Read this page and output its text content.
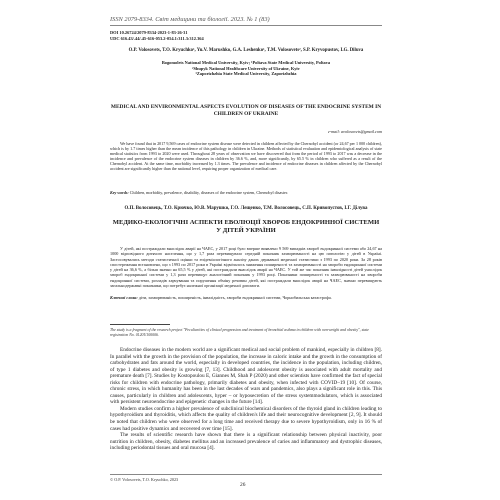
ISSN 2079-8334. Світ медицини та біології. 2023. № 1 (83)
DOI 10.26724/2079-8334-2023-1-83-26-31
UDC 616.43/.44/.45-616-053.2-054.1:311.3:312.364
O.P. Volosovets, T.O. Kryuchko¹, Yu.V. Marushko, G.A. Leshenko¹, T.M. Volosovets², S.P. Kryvopustov, I.G. Diluva
Bogomolets National Medical University, Kyiv; ¹Poltava State Medical University, Poltava
²Shupyk National Healthcare University of Ukraine, Kyiv
³Zaporizhzhia State Medical University, Zaporizhzhia
MEDICAL AND ENVIRONMENTAL ASPECTS EVOLUTION OF DISEASES OF THE ENDOCRINE SYSTEM IN CHILDREN OF UKRAINE
e-mail: avolosovets@gmail.com
We have found that in 2017 9,569 cases of endocrine system disease were detected in children affected by the Chernobyl accident (or 24,67 per 1 000 children), which is by 1.7 times higher than the mean incidence of this pathology in children in Ukraine. Methods of statistical evaluation and epidemiological analysis of state medical statistics from 1993 to 2020 were used. Throughout 28 years of observation we have discovered that from the period of 1993 to 2017 was a decrease in the incidence and prevalence of the endocrine system diseases in children by 36.6 %, and, more significantly, by 65.5 % in children who suffered as a result of the Chernobyl accident. At the same time, morbidity increased by 1.3 times. The prevalence and incidence of endocrine diseases in children affected by the Chernobyl accident are significantly higher than the national level, requiring proper organization of medical care.
Key words: Children, morbidity, prevalence, disability, diseases of the endocrine system, Chernobyl disaster.
О.П. Волосовець, Т.О. Крючко, Ю.В. Марушко, Г.О. Лещенко, Т.М. Волосовець, С.П. Кривопустов, І.Г. Ділува
МЕДИКО-ЕКОЛОГІЧНІ АСПЕКТИ ЕВОЛЮЦІЇ ХВОРОБ ЕНДОКРИННОЇ СИСТЕМИ У ДІТЕЙ УКРАЇНИ
У дітей, які постраждали внаслідок аварії на ЧАЕС, у 2017 році було вперше виявлено 9 569 випадків хвороб ендокринної системи або 24,67 на 1000 відповідного дитячого населення, що у 1,7 раза перевищувало середній показник захворюваності на цю патологію у дітей в Україні. Застосовувались методи статистичної оцінки та епідеміологічного аналізу даних державної медичної статистики з 1993 по 2020 роки. За 28 років спостереження встановлено, що з 1993 по 2017 роки в Україні відмічалось зниження поширеності та захворюваності на хвороби ендокринної системи у дітей на 36,6 %, а більш значно на 65,5 % у дітей, які постраждали внаслідок аварії на ЧАЕС. У той же час показник інвалідності дітей унаслідок хвороб ендокринної системи у 1,3 рази перевищує аналогічний показник у 1993 році. Показники поширеності та захворюваності на хвороби ендокринної системи, розладів харчування та порушення обміну речовин дітей, які постраждали внаслідок аварії на ЧАЕС, значно перевищують загальнодержавні показники, що потребує належної організації медичної допомоги.
Ключові слова: діти, захворюваність, поширеність, інвалідність, хвороби ендокринної системи, Чорнобильська катастрофа.
The study is a fragment of the research project "Peculiarities of clinical progression and treatment of bronchial asthma in children with overweight and obesity", state registration No. 0120U100006.

Endocrine diseases in the modern world are a significant medical and social problem of mankind, especially in children [8]. In parallel with the growth in the provision of the population, the increase in caloric intake and the growth in the consumption of carbohydrates and fats around the world, especially in developed countries, the incidence in the population, including children, of type 1 diabetes and obesity is growing [7, 13]. Childhood and adolescent obesity is associated with adult mortality and premature death [7]. Studies by Kostopoulou E, Giannes M, Shah P (2020) and other scientists have confirmed the fact of special risks for children with endocrine pathology, primarily diabetes and obesity, when infected with COVID–19 [10]. Of course, chronic stress, in which humanity has been in the last decades of wars and pandemics, also plays a significant role in this. This causes, particularly in children and adolescents, hyper – or hyposecretion of the stress systemmodulators, which is associated with persistent neuroendocrine and epigenetic changes in the future [14].

Modern studies confirm a higher prevalence of subclinical biochemical disorders of the thyroid gland in children leading to hypothyroidism and thyroiditis, which affects the quality of children's life and their neurocognitive development [2, 9]. It should be noted that children who were observed for a long time and received therapy due to severe hypothyroidism, only in 16 % of cases had positive dynamics and recovered over time [15].

The results of scientific research have shown that there is a significant relationship between physical inactivity, poor nutrition in children, obesity, diabetes mellitus and an increased prevalence of caries and inflammatory and dystrophic diseases, including periodontal tissues and oral mucosa [4].

© O.P. Volosovets, T.O. Kryuchko, 2023
26
